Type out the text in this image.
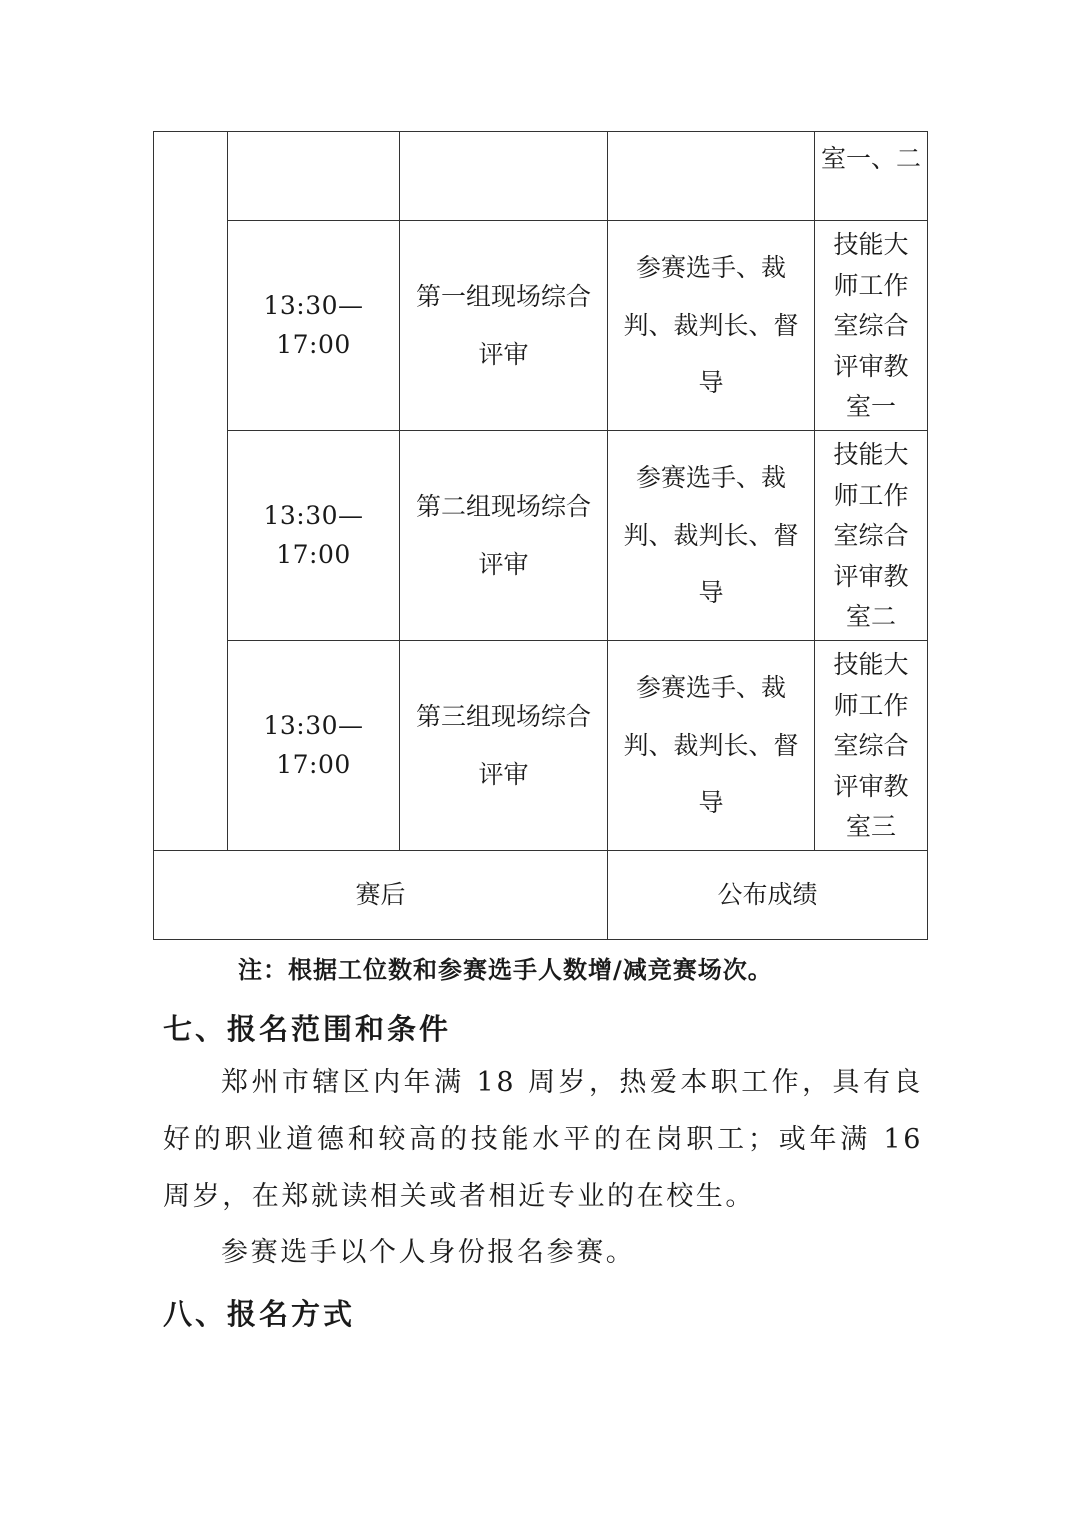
				室一、二

	13:30—17:00	第一组现场综合评审	参赛选手、裁判、裁判长、督导	技能大师工作室综合评审教室一

	13:30—17:00	第二组现场综合评审	参赛选手、裁判、裁判长、督导	技能大师工作室综合评审教室二

	13:30—17:00	第三组现场综合评审	参赛选手、裁判、裁判长、督导	技能大师工作室综合评审教室三

赛后			公布成绩	
注：根据工位数和参赛选手人数增/减竞赛场次。
七、报名范围和条件
郑州市辖区内年满 18 周岁，热爱本职工作，具有良好的职业道德和较高的技能水平的在岗职工；或年满 16 周岁，在郑就读相关或者相近专业的在校生。
参赛选手以个人身份报名参赛。
八、报名方式
